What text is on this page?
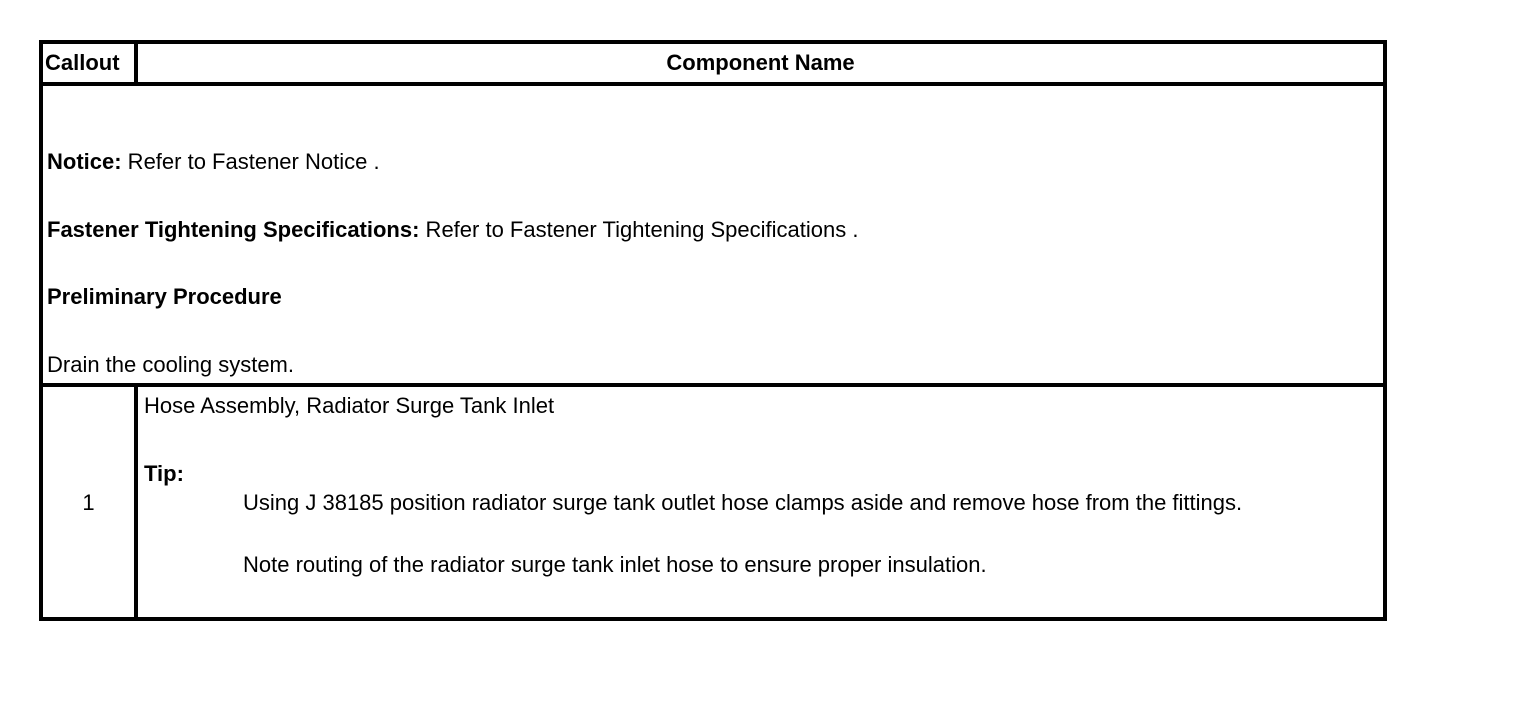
Callout	Component Name
Notice: Refer to Fastener Notice .
Fastener Tightening Specifications: Refer to Fastener Tightening Specifications .
Preliminary Procedure
Drain the cooling system.
1
Hose Assembly, Radiator Surge Tank Inlet
Tip:
Using J 38185 position radiator surge tank outlet hose clamps aside and remove hose from the fittings.
Note routing of the radiator surge tank inlet hose to ensure proper insulation.
